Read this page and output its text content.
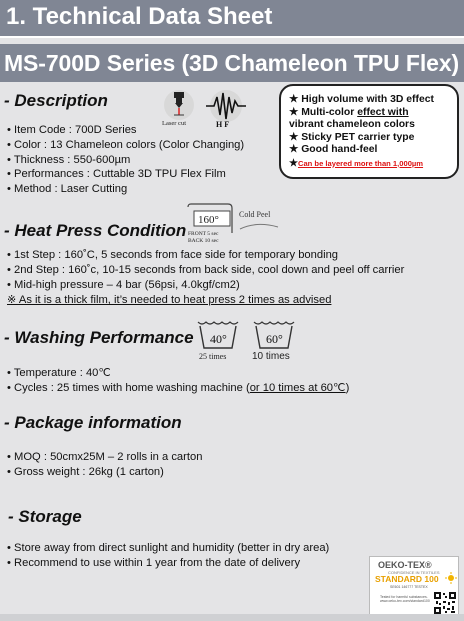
1. Technical Data Sheet
MS-700D Series (3D Chameleon TPU Flex)
- Description
Laser cut	H F
• Item Code : 700D Series
• Color : 13 Chameleon colors (Color Changing)
• Thickness : 550-600µm
• Performances : Cuttable 3D TPU Flex Film
• Method : Laser Cutting
★ High volume with 3D effect
★ Multi-color effect with
vibrant chameleon colors
★ Sticky PET carrier type
★ Good hand-feel
★Can be layered more than 1,000µm
- Heat Press Condition
160°
FRONT 5 sec
BACK 10 sec
Cold Peel
• 1st Step : 160˚C, 5 seconds from face side for temporary bonding
• 2nd Step : 160˚c, 10-15 seconds from back side, cool down and peel off carrier
• Mid-high pressure – 4 bar (56psi, 4.0kgf/cm2)
※ As it is a thick film, it’s needed to heat press 2 times as advised
- Washing Performance 40°
25 times
60°
10 times
• Temperature : 40℃
• Cycles : 25 times with home washing machine (or 10 times at 60℃)
- Package information
• MOQ : 50cmx25M – 2 rolls in a carton
• Gross weight : 26kg (1 carton)
- Storage
• Store away from direct sunlight and humidity (better in dry area)
• Recommend to use within 1 year from the date of delivery	OEKO-TEX®
CONFIDENCE IN TEXTILES
STANDARD 100
SE601 146777 TESTEX
Tested for harmful substances. www.oeko-tex.com/standard100
